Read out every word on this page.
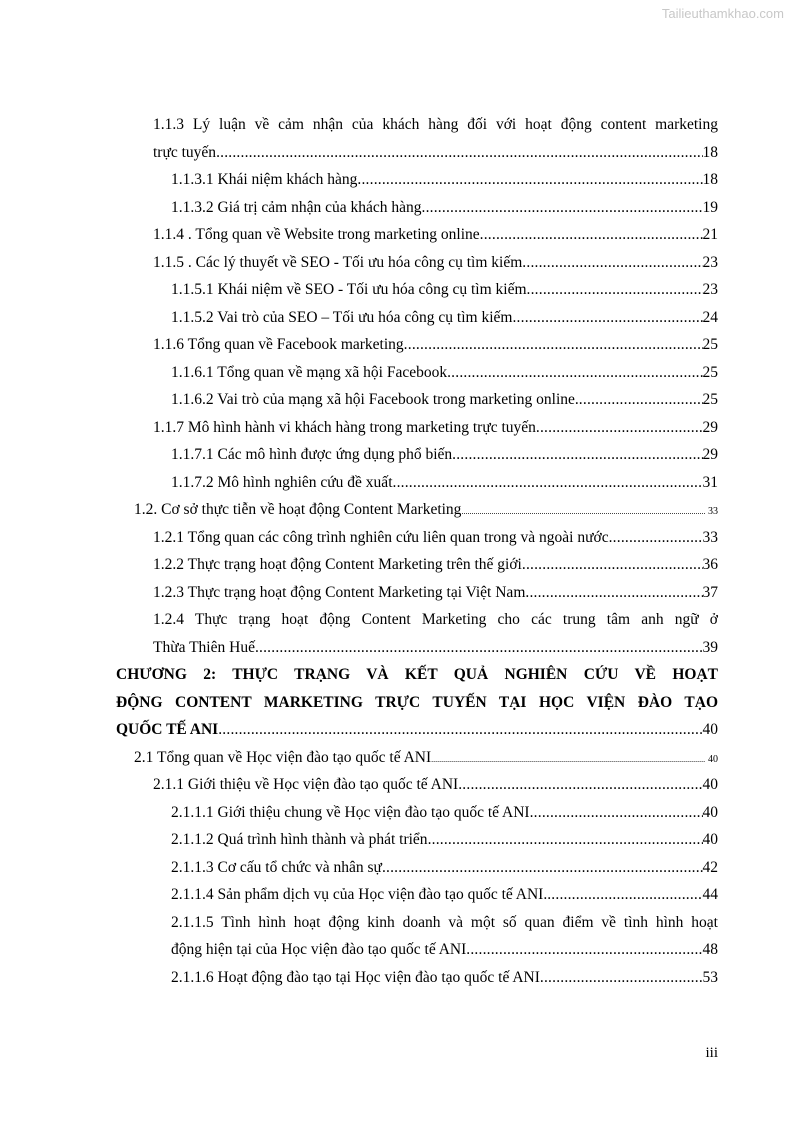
Tailieuthamkhao.com
1.1.3 Lý luận về cảm nhận của khách hàng đối với hoạt động content marketing
trực tuyến .....	18
1.1.3.1 Khái niệm khách hàng .....	18
1.1.3.2 Giá trị cảm nhận của khách hàng .....	19
1.1.4 . Tổng quan về Website trong marketing online .....	21
1.1.5 . Các lý thuyết về SEO - Tối ưu hóa công cụ tìm kiếm .....	23
1.1.5.1 Khái niệm về SEO - Tối ưu hóa công cụ tìm kiếm .....	23
1.1.5.2 Vai trò của SEO – Tối ưu hóa công cụ tìm kiếm .....	24
1.1.6 Tổng quan về Facebook marketing .....	25
1.1.6.1 Tổng quan về mạng xã hội Facebook .....	25
1.1.6.2 Vai trò của mạng xã hội Facebook trong marketing online. .....	25
1.1.7 Mô hình hành vi khách hàng trong marketing trực tuyến .....	29
1.1.7.1 Các mô hình được ứng dụng phổ biến .....	29
1.1.7.2 Mô hình nghiên cứu đề xuất .....	31
1.2. Cơ sở thực tiễn về hoạt động Content Marketing .....	33
1.2.1 Tổng quan các công trình nghiên cứu liên quan trong và ngoài nước .....	33
1.2.2 Thực trạng hoạt động Content Marketing trên thế giới .....	36
1.2.3 Thực trạng hoạt động Content Marketing tại Việt Nam .....	37
1.2.4 Thực trạng hoạt động Content Marketing cho các trung tâm anh ngữ ở
Thừa Thiên Huế .....	39
CHƯƠNG 2: THỰC TRẠNG VÀ KẾT QUẢ NGHIÊN CỨU VỀ HOẠT
ĐỘNG CONTENT MARKETING TRỰC TUYẾN TẠI HỌC VIỆN ĐÀO TẠO
QUỐC TẾ ANI .....	40
2.1 Tổng quan về Học viện đào tạo quốc tế ANI .....	40
2.1.1 Giới thiệu về Học viện đào tạo quốc tế ANI .....	40
2.1.1.1 Giới thiệu chung về Học viện đào tạo quốc tế ANI .....	40
2.1.1.2 Quá trình hình thành và phát triển .....	40
2.1.1.3 Cơ cấu tổ chức và nhân sự .....	42
2.1.1.4 Sản phẩm dịch vụ của Học viện đào tạo quốc tế ANI. .....	44
2.1.1.5 Tình hình hoạt động kinh doanh và một số quan điểm về tình hình hoạt
động hiện tại của Học viện đào tạo quốc tế ANI .....	48
2.1.1.6 Hoạt động đào tạo tại Học viện đào tạo quốc tế ANI .....	53
iii
